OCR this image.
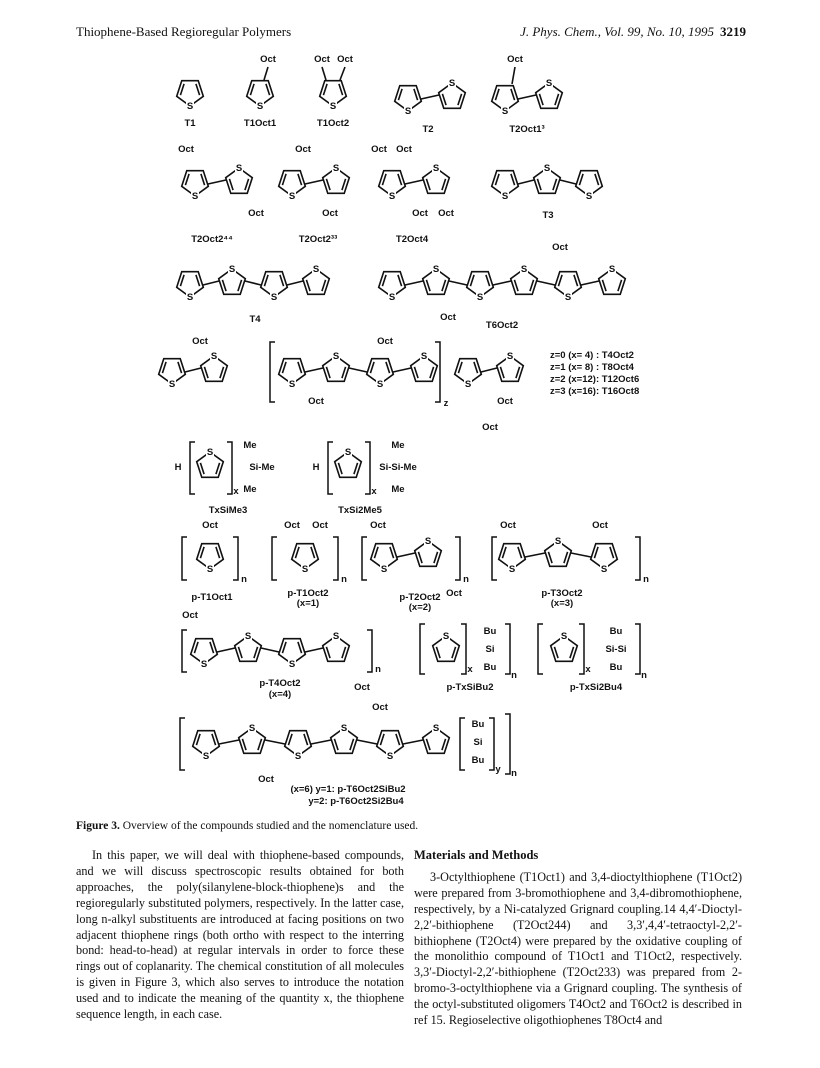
Thiophene-Based Regioregular Polymers	J. Phys. Chem., Vol. 99, No. 10, 1995 3219
S
T1
S
Oct
T1Oct1
S
Oct Oct
T1Oct2
S
S
T2
S
S
Oct
T2Oct1³
S
S
Oct
Oct
T2Oct2⁴⁴
S
S
Oct
Oct
T2Oct2³³
S
S
Oct Oct
Oct Oct
T2Oct4
S
S
S
T3
S
S
S
S
T4
S
S
S
S
S
S
Oct
Oct
T6Oct2
S
S
Oct
S
S
S
S
Oct
Oct	z
S
S
Oct
Oct
z=0 (x= 4) : T4Oct2
z=1 (x= 8) : T8Oct4
z=2 (x=12): T12Oct6
z=3 (x=16): T16Oct8
H
S
x
Me
Si-Me
Me
TxSiMe3
H
S
x
Me
Si-Si-Me
Me
TxSi2Me5
S
Oct
n
p-T1Oct1
S
Oct Oct
n
p-T1Oct2
(x=1)
S
S
Oct
Oct
n
p-T2Oct2
(x=2)
S
S
S
Oct	Oct
n
p-T3Oct2
(x=3)
Oct
S
S
S
S
Oct
n
p-T4Oct2
(x=4)
S
x
Bu
Si
Bu
n
p-TxSiBu2
S
x
Bu
Si-Si
Bu
n
p-TxSi2Bu4
S
S
S
S
S
S
Oct
Oct
Bu
Si
Bu
y n
(x=6) y=1: p-T6Oct2SiBu2
y=2: p-T6Oct2Si2Bu4
Figure 3. Overview of the compounds studied and the nomenclature used.

In this paper, we will deal with thiophene-based compounds, and we will discuss spectroscopic results obtained for both approaches, the poly(silanylene-block-thiophene)s and the regioregularly substituted polymers, respectively. In the latter case, long n-alkyl substituents are introduced at facing positions on two adjacent thiophene rings (both ortho with respect to the interring bond: head-to-head) at regular intervals in order to force these rings out of coplanarity. The chemical constitution of all molecules is given in Figure 3, which also serves to introduce the notation used and to indicate the meaning of the quantity x, the thiophene sequence length, in each case.

Materials and Methods

3-Octylthiophene (T1Oct1) and 3,4-dioctylthiophene (T1Oct2) were prepared from 3-bromothiophene and 3,4-dibromothiophene, respectively, by a Ni-catalyzed Grignard coupling.14 4,4′-Dioctyl-2,2′-bithiophene (T2Oct244) and 3,3′,4,4′-tetraoctyl-2,2′-bithiophene (T2Oct4) were prepared by the oxidative coupling of the monolithio compound of T1Oct1 and T1Oct2, respectively. 3,3′-Dioctyl-2,2′-bithiophene (T2Oct233) was prepared from 2-bromo-3-octylthiophene via a Grignard coupling. The synthesis of the octyl-substituted oligomers T4Oct2 and T6Oct2 is described in ref 15. Regioselective oligothiophenes T8Oct4 and
